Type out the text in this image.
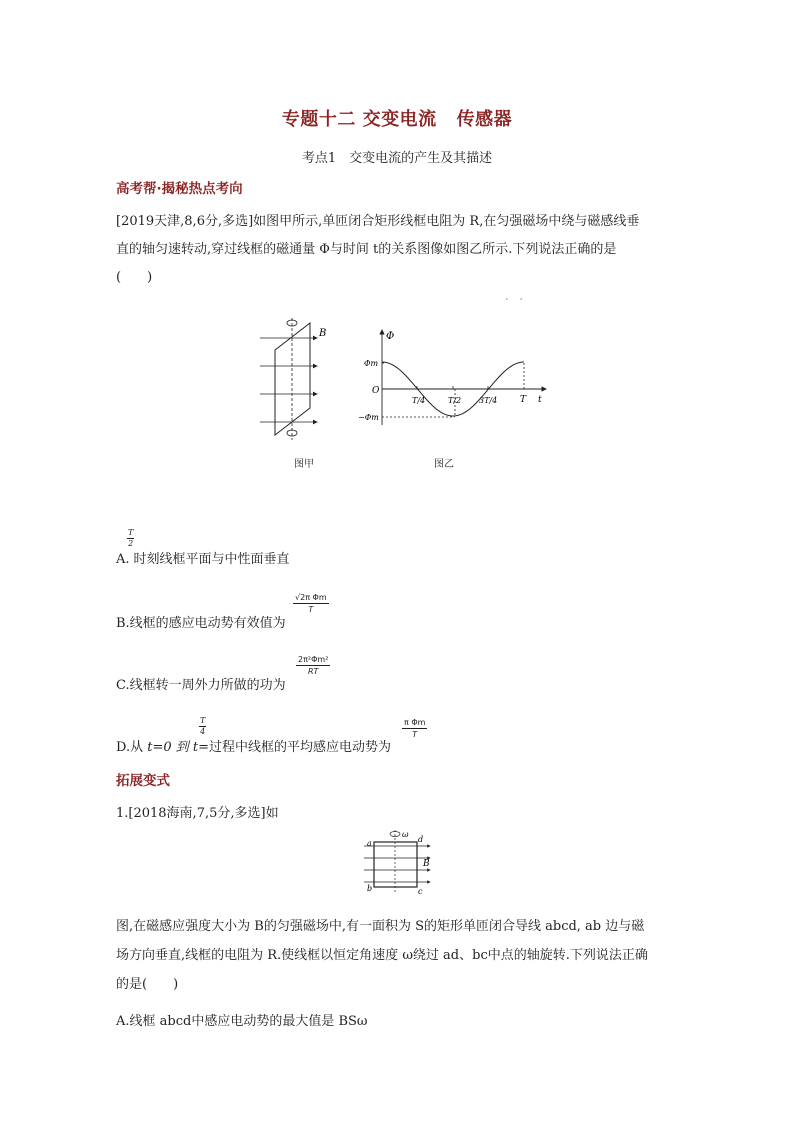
专题十二 交变电流 传感器
考点1　交变电流的产生及其描述
高考帮·揭秘热点考向
[2019天津,8,6分,多选]如图甲所示,单匝闭合矩形线框电阻为 R,在匀强磁场中绕与磁感线垂
直的轴匀速转动,穿过线框的磁通量 Φ与时间 t的关系图像如图乙所示.下列说法正确的是
(　　)
ˋ　ˊ
B
图甲
Φ
t
O
Φm
−Φm
T/4	T/2 3T/4	T
图乙
T
2
A. 时刻线框平面与中性面垂直
√2π Φm
T
B.线框的感应电动势有效值为
2π²Φm²
RT
C.线框转一周外力所做的功为
T
4
π Φm
T
D.从 t=0 到 t=过程中线框的平均感应电动势为
拓展变式
1.[2018海南,7,5分,多选]如
a	d
b	c
B
ω
图,在磁感应强度大小为 B的匀强磁场中,有一面积为 S的矩形单匝闭合导线 abcd, ab 边与磁
场方向垂直,线框的电阻为 R.使线框以恒定角速度 ω绕过 ad、bc中点的轴旋转.下列说法正确
的是(　　)
A.线框 abcd中感应电动势的最大值是 BSω
